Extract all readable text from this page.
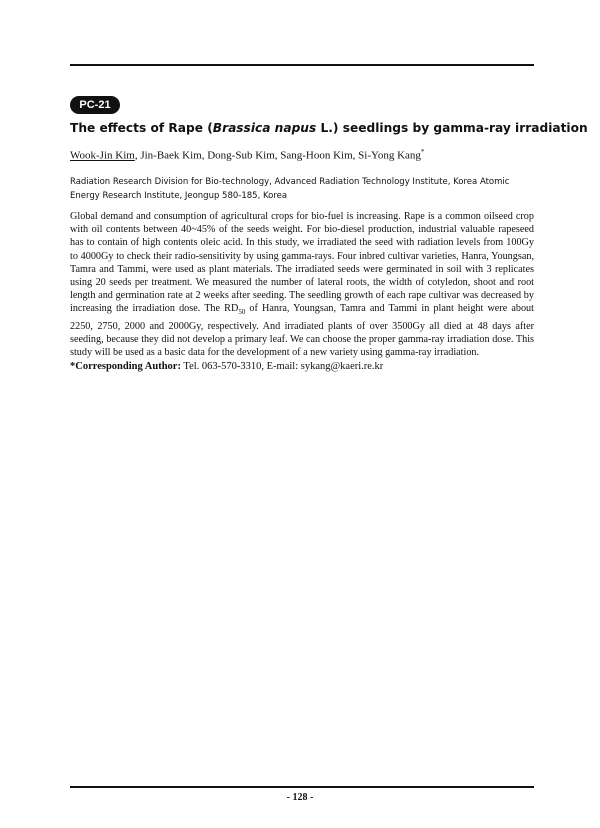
PC-21
The effects of Rape (Brassica napus L.) seedlings by gamma-ray irradiation
Wook-Jin Kim, Jin-Baek Kim, Dong-Sub Kim, Sang-Hoon Kim, Si-Yong Kang*
Radiation Research Division for Bio-technology, Advanced Radiation Technology Institute, Korea Atomic Energy Research Institute, Jeongup 580-185, Korea
Global demand and consumption of agricultural crops for bio-fuel is increasing. Rape is a common oilseed crop with oil contents between 40~45% of the seeds weight. For bio-diesel production, industrial valuable rapeseed has to contain of high contents oleic acid. In this study, we irradiated the seed with radiation levels from 100Gy to 4000Gy to check their radio-sensitivity by using gamma-rays. Four inbred cultivar varieties, Hanra, Youngsan, Tamra and Tammi, were used as plant materials. The irradiated seeds were germinated in soil with 3 replicates using 20 seeds per treatment. We measured the number of lateral roots, the width of cotyledon, shoot and root length and germination rate at 2 weeks after seeding. The seedling growth of each rape cultivar was decreased by increasing the irradiation dose. The $RD_{50}$ of Hanra, Youngsan, Tamra and Tammi in plant height were about 2250, 2750, 2000 and 2000Gy, respectively. And irradiated plants of over 3500Gy all died at 48 days after seeding, because they did not develop a primary leaf. We can choose the proper gamma-ray irradiation dose. This study will be used as a basic data for the development of a new variety using gamma-ray irradiation.
*Corresponding Author: Tel. 063-570-3310, E-mail: sykang@kaeri.re.kr
- 128 -
